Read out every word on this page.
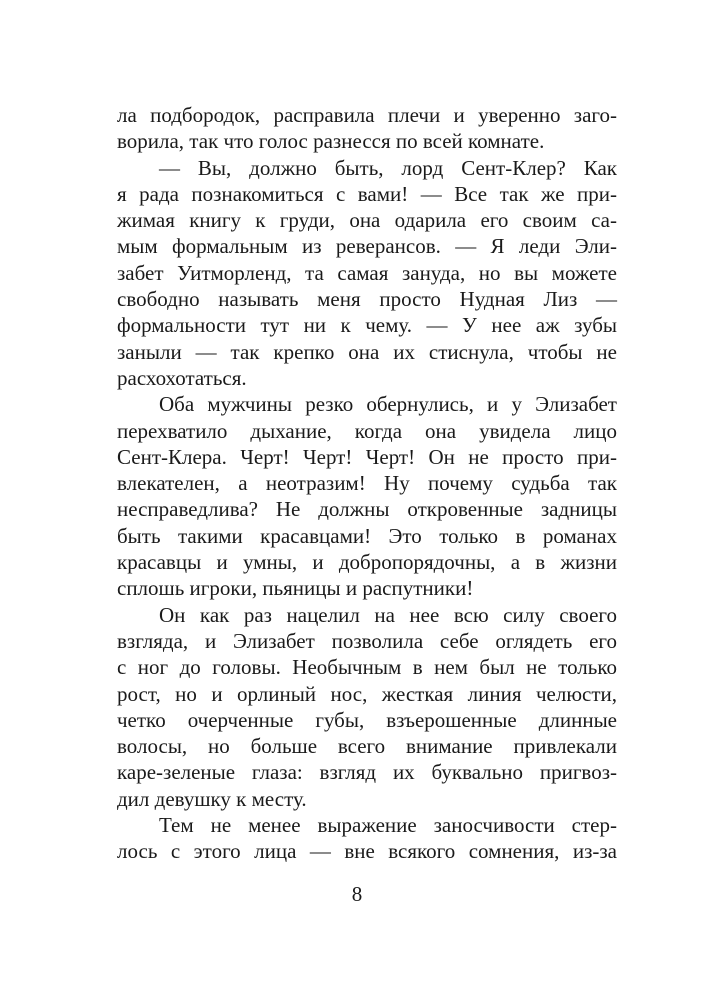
ла подбородок, расправила плечи и уверенно заго-
ворила, так что голос разнесся по всей комнате.
— Вы, должно быть, лорд Сент-Клер? Как
я рада познакомиться с вами! — Все так же при-
жимая книгу к груди, она одарила его своим са-
мым формальным из реверансов. — Я леди Эли-
забет Уитморленд, та самая зануда, но вы можете
свободно называть меня просто Нудная Лиз —
формальности тут ни к чему. — У нее аж зубы
заныли — так крепко она их стиснула, чтобы не
расхохотаться.
Оба мужчины резко обернулись, и у Элизабет
перехватило дыхание, когда она увидела лицо
Сент-Клера. Черт! Черт! Черт! Он не просто при-
влекателен, а неотразим! Ну почему судьба так
несправедлива? Не должны откровенные задницы
быть такими красавцами! Это только в романах
красавцы и умны, и добропорядочны, а в жизни
сплошь игроки, пьяницы и распутники!
Он как раз нацелил на нее всю силу своего
взгляда, и Элизабет позволила себе оглядеть его
с ног до головы. Необычным в нем был не только
рост, но и орлиный нос, жесткая линия челюсти,
четко очерченные губы, взъерошенные длинные
волосы, но больше всего внимание привлекали
каре-зеленые глаза: взгляд их буквально пригвоз-
дил девушку к месту.
Тем не менее выражение заносчивости стер-
лось с этого лица — вне всякого сомнения, из-за
8
